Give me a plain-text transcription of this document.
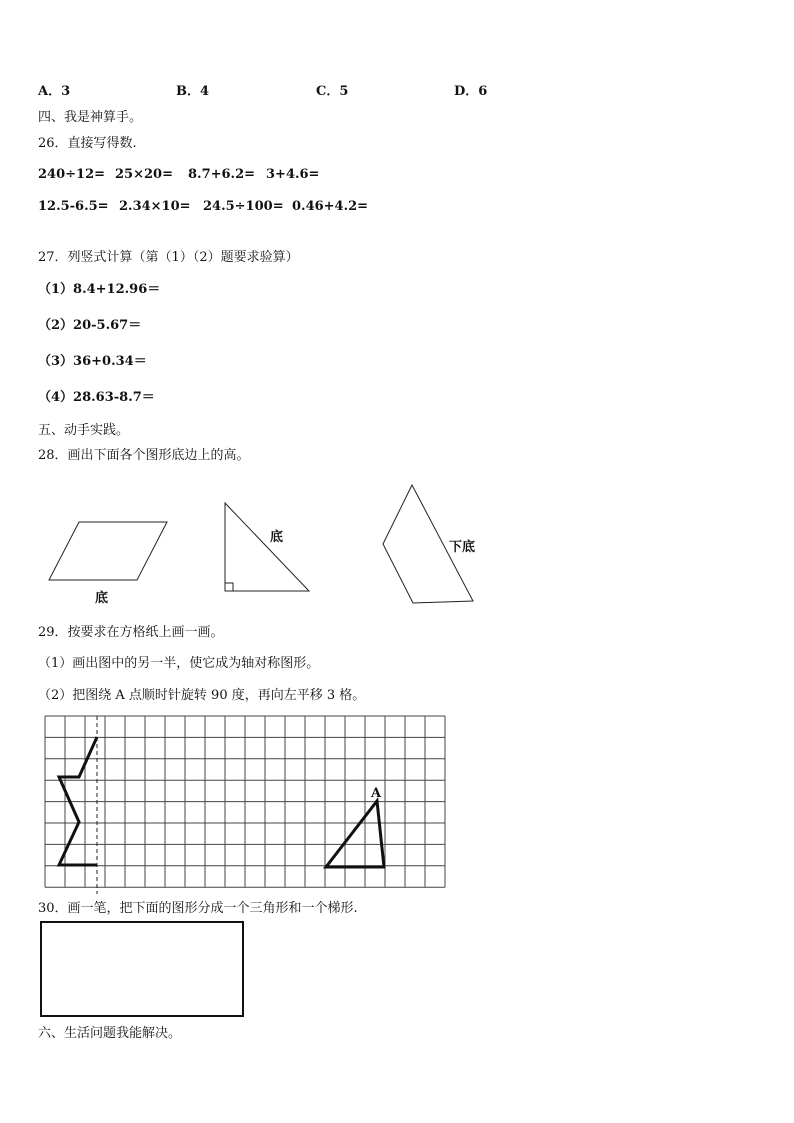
A．3	B．4	C．5	D．6
四、我是神算手。
26．直接写得数.
240÷12= 25×20= 8.7+6.2= 3+4.6=
12.5-6.5= 2.34×10= 24.5÷100= 0.46+4.2=
27．列竖式计算（第（1）（2）题要求验算）
（1）8.4+12.96＝
（2）20-5.67＝
（3）36+0.34＝
（4）28.63-8.7＝
五、动手实践。
28．画出下面各个图形底边上的高。
底
底
下底
29．按要求在方格纸上画一画。
（1）画出图中的另一半，使它成为轴对称图形。
（2）把图绕 A 点顺时针旋转 90 度，再向左平移 3 格。
A
30．画一笔，把下面的图形分成一个三角形和一个梯形.
六、生活问题我能解决。
